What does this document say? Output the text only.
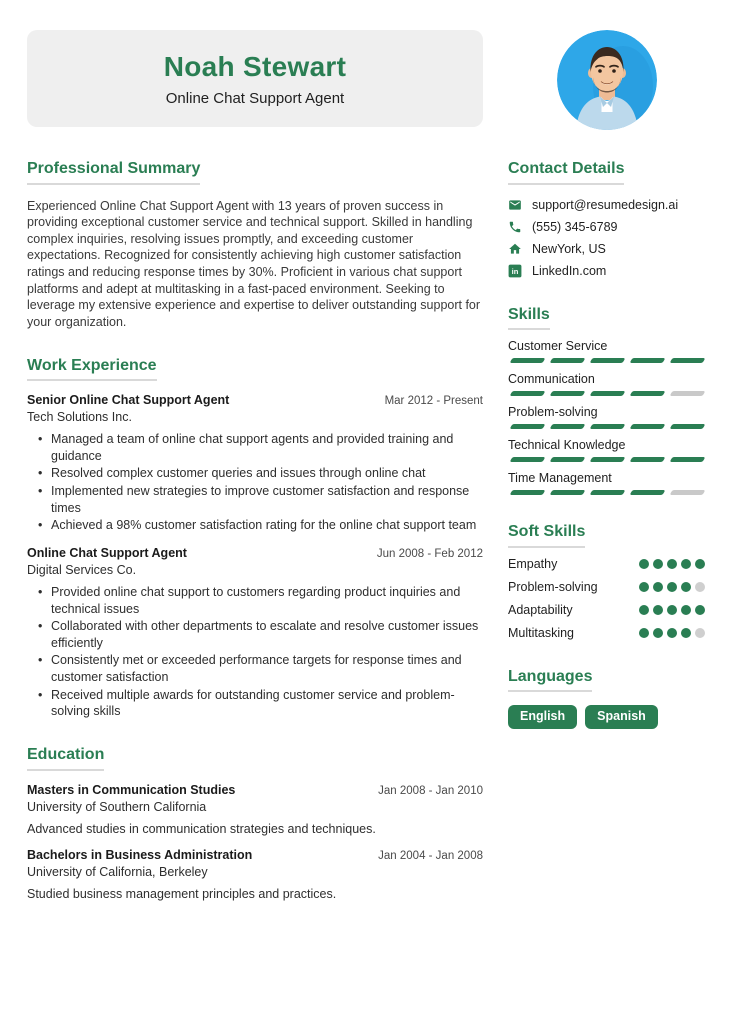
Noah Stewart
Online Chat Support Agent
Professional Summary

Experienced Online Chat Support Agent with 13 years of proven success in providing exceptional customer service and technical support. Skilled in handling complex inquiries, resolving issues promptly, and exceeding customer expectations. Recognized for consistently achieving high customer satisfaction ratings and reducing response times by 30%. Proficient in various chat support platforms and adept at multitasking in a fast-paced environment. Seeking to leverage my extensive experience and expertise to deliver outstanding support for your organization.

Work Experience
Senior Online Chat Support Agent	Mar 2012 - Present
Tech Solutions Inc.
• Managed a team of online chat support agents and provided training and guidance
• Resolved complex customer queries and issues through online chat
• Implemented new strategies to improve customer satisfaction and response times
• Achieved a 98% customer satisfaction rating for the online chat support team
Online Chat Support Agent	Jun 2008 - Feb 2012
Digital Services Co.
• Provided online chat support to customers regarding product inquiries and technical issues
• Collaborated with other departments to escalate and resolve customer issues efficiently
• Consistently met or exceeded performance targets for response times and customer satisfaction
• Received multiple awards for outstanding customer service and problem-solving skills
Education
Masters in Communication Studies	Jan 2008 - Jan 2010
University of Southern California
Advanced studies in communication strategies and techniques.
Bachelors in Business Administration	Jan 2004 - Jan 2008
University of California, Berkeley
Studied business management principles and practices.
Contact Details
support@resumedesign.ai
(555) 345-6789
NewYork, US
in LinkedIn.com
Skills
Customer Service
Communication
Problem-solving
Technical Knowledge
Time Management
Soft Skills
Empathy
Problem-solving
Adaptability
Multitasking
Languages
English	Spanish
